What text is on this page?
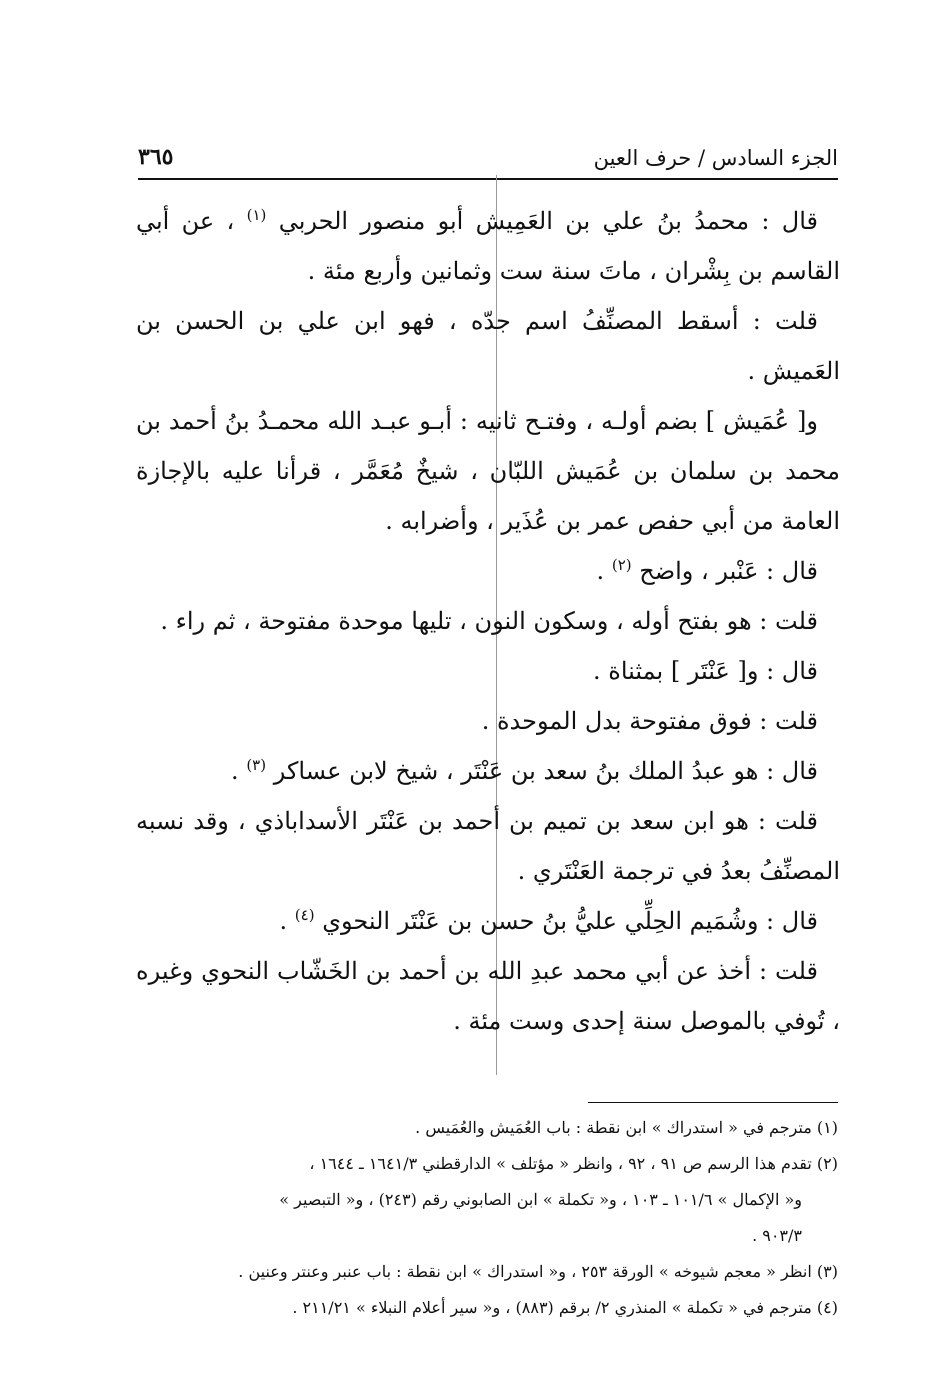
الجزء السادس / حرف العين
٣٦٥

قال : محمدُ بنُ علي بن العَمِيش أبو منصور الحربي $^{(١)}$ ، عن أبي القاسم بن بِشْران ، ماتَ سنة ست وثمانين وأربع مئة .

قلت : أسقط المصنِّفُ اسم جدّه ، فهو ابن علي بن الحسن بن العَميش .

و[ عُمَيش ] بضم أولـه ، وفتـح ثانيه : أبـو عبـد الله محمـدُ بنُ أحمد بن محمد بن سلمان بن عُمَيش اللبّان ، شيخٌ مُعَمَّر ، قرأنا عليه بالإجازة العامة من أبي حفص عمر بن عُذَير ، وأضرابه .

قال : عَنْبر ، واضح $^{(٢)}$ .

قلت : هو بفتح أوله ، وسكون النون ، تليها موحدة مفتوحة ، ثم راء .

قال : و[ عَنْتَر ] بمثناة .

قلت : فوق مفتوحة بدل الموحدة .

قال : هو عبدُ الملك بنُ سعد بن عَنْتَر ، شيخ لابن عساكر $^{(٣)}$ .

قلت : هو ابن سعد بن تميم بن أحمد بن عَنْتَر الأسداباذي ، وقد نسبه المصنِّفُ بعدُ في ترجمة العَنْتَري .

قال : وشُمَيم الحِلِّي عليُّ بنُ حسن بن عَنْتَر النحوي $^{(٤)}$ .

قلت : أخذ عن أبي محمد عبدِ الله بن أحمد بن الخَشّاب النحوي وغيره ، تُوفي بالموصل سنة إحدى وست مئة .

(١) مترجم في « استدراك » ابن نقطة : باب العُمَيش والعُمَيس .

(٢) تقدم هذا الرسم ص ٩١ ، ٩٢ ، وانظر « مؤتلف » الدارقطني ١٦٤١/٣ ـ ١٦٤٤ ،

و« الإكمال » ١٠١/٦ ـ ١٠٣ ، و« تكملة » ابن الصابوني رقم (٢٤٣) ، و« التبصير »

٩٠٣/٣ .

(٣) انظر « معجم شيوخه » الورقة ٢٥٣ ، و« استدراك » ابن نقطة : باب عنبر وعنتر وعنين .

(٤) مترجم في « تكملة » المنذري ٢/ برقم (٨٨٣) ، و« سير أعلام النبلاء » ٢١١/٢١ .
